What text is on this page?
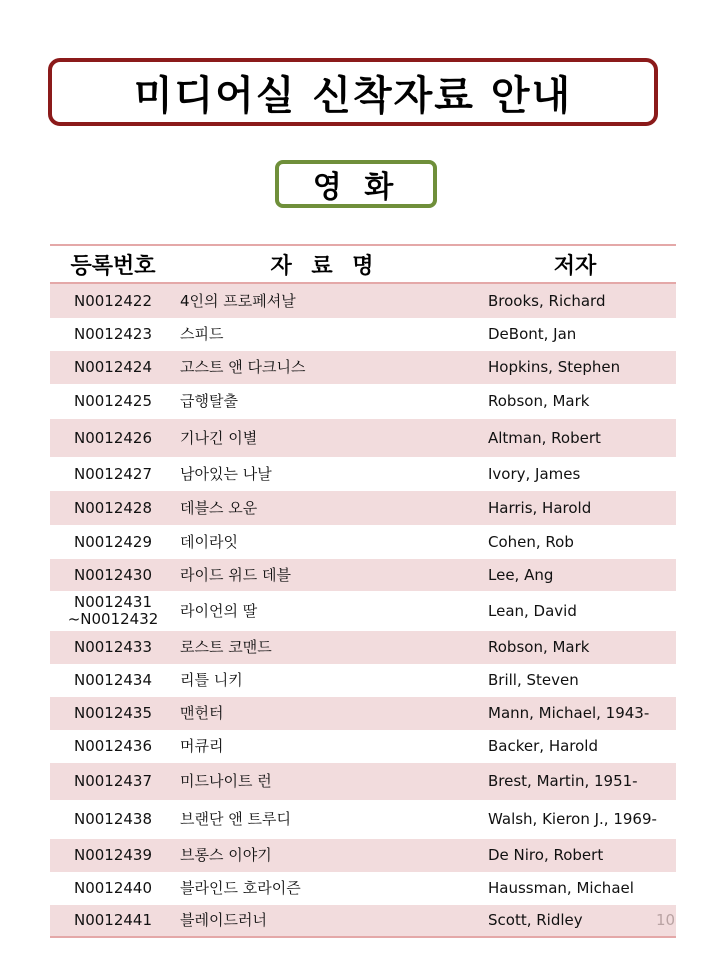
미디어실 신착자료 안내
영 화
등록번호	자 료 명	저자
N0012422	4인의 프로페셔날	Brooks, Richard
N0012423	스피드	DeBont, Jan
N0012424	고스트 앤 다크니스	Hopkins, Stephen
N0012425	급행탈출	Robson, Mark
N0012426	기나긴 이별	Altman, Robert
N0012427	남아있는 나날	Ivory, James
N0012428	데블스 오운	Harris, Harold
N0012429	데이라잇	Cohen, Rob
N0012430	라이드 위드 데블	Lee, Ang
N0012431
~N0012432	라이언의 딸	Lean, David
N0012433	로스트 코맨드	Robson, Mark
N0012434	리틀 니키	Brill, Steven
N0012435	맨헌터	Mann, Michael, 1943-
N0012436	머큐리	Backer, Harold
N0012437	미드나이트 런	Brest, Martin, 1951-
N0012438	브랜단 앤 트루디	Walsh, Kieron J., 1969-
N0012439	브롱스 이야기	De Niro, Robert
N0012440	블라인드 호라이즌	Haussman, Michael
N0012441	블레이드러너	Scott, Ridley	10
